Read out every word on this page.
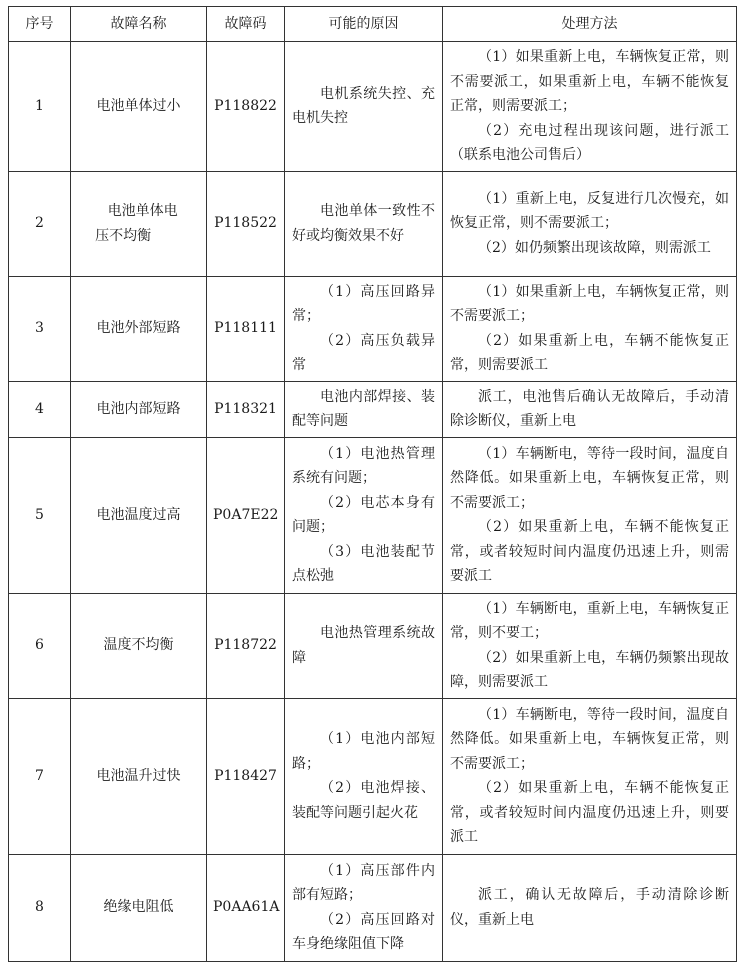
序号	故障名称	故障码	可能的原因	处理方法
1	电池单体过小	P118822	电机系统失控、充电机失控	（1）如果重新上电，车辆恢复正常，则不需要派工，如果重新上电，车辆不能恢复正常，则需要派工；
（2）充电过程出现该问题，进行派工（联系电池公司售后）

2	电池单体电压不均衡	P118522	电池单体一致性不好或均衡效果不好	（1）重新上电，反复进行几次慢充，如恢复正常，则不需要派工；
（2）如仍频繁出现该故障，则需派工

3	电池外部短路	P118111	（1）高压回路异常；
（2）高压负载异常	（1）如果重新上电，车辆恢复正常，则不需要派工；
（2）如果重新上电，车辆不能恢复正常，则需要派工

4	电池内部短路	P118321	电池内部焊接、装配等问题	派工，电池售后确认无故障后，手动清除诊断仪，重新上电

5	电池温度过高	P0A7E22	（1）电池热管理系统有问题；
（2）电芯本身有问题；
（3）电池装配节点松弛	（1）车辆断电，等待一段时间，温度自然降低。如果重新上电，车辆恢复正常，则不需要派工；
（2）如果重新上电，车辆不能恢复正常，或者较短时间内温度仍迅速上升，则需要派工

6	温度不均衡	P118722	电池热管理系统故障	（1）车辆断电，重新上电，车辆恢复正常，则不要工；
（2）如果重新上电，车辆仍频繁出现故障，则需要派工

7	电池温升过快	P118427	（1）电池内部短路；
（2）电池焊接、装配等问题引起火花	（1）车辆断电，等待一段时间，温度自然降低。如果重新上电，车辆恢复正常，则不需要派工；
（2）如果重新上电，车辆不能恢复正常，或者较短时间内温度仍迅速上升，则要派工

8	绝缘电阻低	P0AA61A	（1）高压部件内部有短路；
（2）高压回路对车身绝缘阻值下降	派工，确认无故障后，手动清除诊断仪，重新上电
